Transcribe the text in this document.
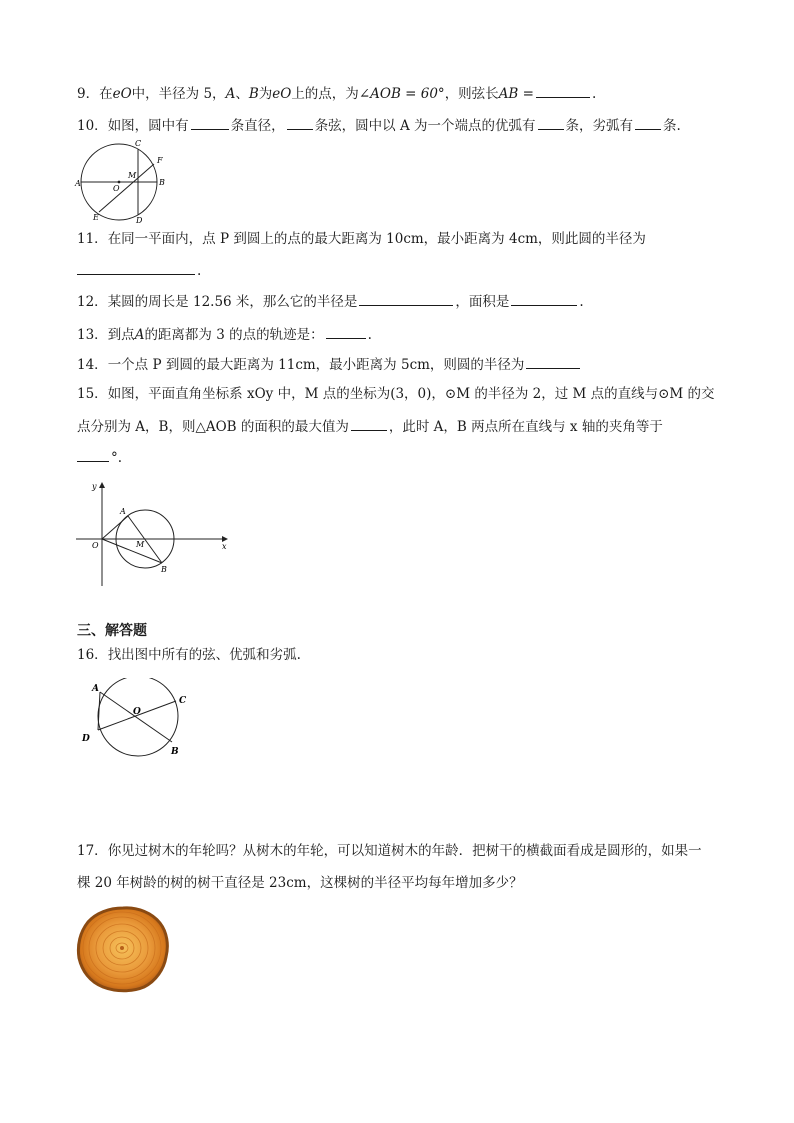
9．在eO中，半径为 5，A、B为eO上的点，为∠AOB = 60°，则弦长AB =	.
10．如图，圆中有	条直径， 条弦，圆中以 A 为一个端点的优弧有 条，劣弧有 条.
A	B
C
D
E
F
O
M
11．在同一平面内，点 P 到圆上的点的最大距离为 10cm，最小距离为 4cm，则此圆的半径为
.
12．某圆的周长是 12.56 米，那么它的半径是	，面积是	.
13．到点A的距离都为 3 的点的轨迹是：	.
14．一个点 P 到圆的最大距离为 11cm，最小距离为 5cm，则圆的半径为
15．如图，平面直角坐标系 xOy 中，M 点的坐标为(3，0)，⊙M 的半径为 2，过 M 点的直线与⊙M 的交
点分别为 A，B，则△AOB 的面积的最大值为	，此时 A，B 两点所在直线与 x 轴的夹角等于
°.
y
x
O
A
M
B
三、解答题
16．找出图中所有的弦、优弧和劣弧.
A
D
C
B
O
17．你见过树木的年轮吗？从树木的年轮，可以知道树木的年龄．把树干的横截面看成是圆形的，如果一
棵 20 年树龄的树的树干直径是 23cm，这棵树的半径平均每年增加多少？
